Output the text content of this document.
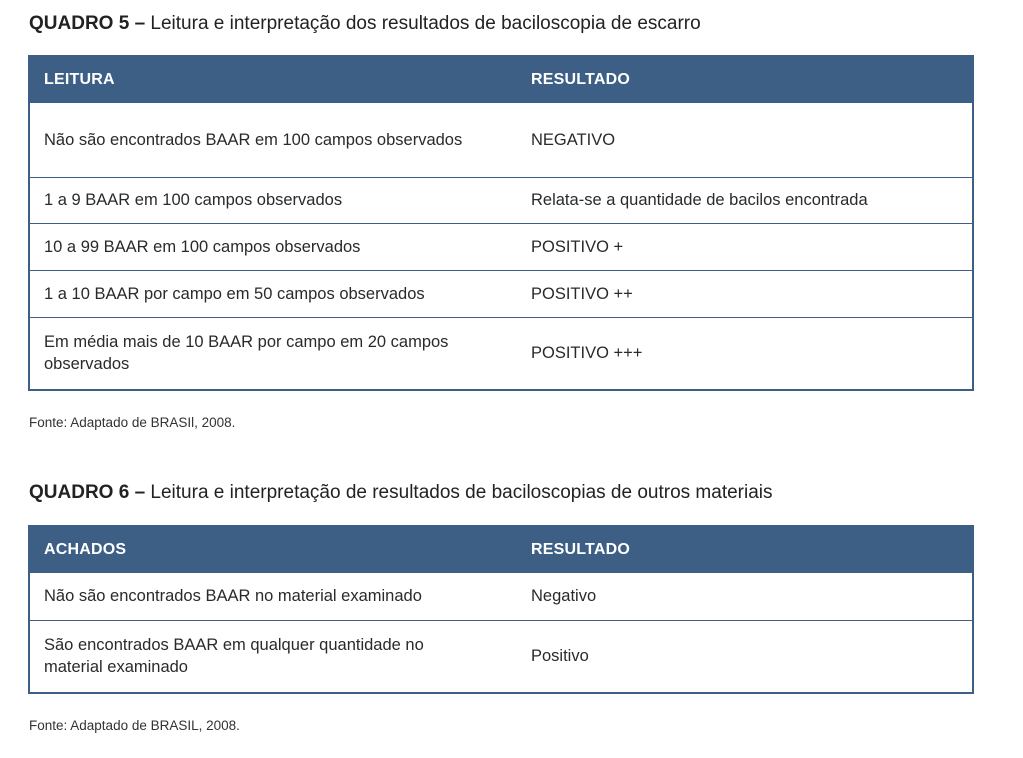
QUADRO 5 – Leitura e interpretação dos resultados de baciloscopia de escarro
LEITURA	RESULTADO
Não são encontrados BAAR em 100 campos observados	NEGATIVO
1 a 9 BAAR em 100 campos observados	Relata-se a quantidade de bacilos encontrada
10 a 99 BAAR em 100 campos observados	POSITIVO +
1 a 10 BAAR por campo em 50 campos observados	POSITIVO ++
Em média mais de 10 BAAR por campo em 20 campos observados	POSITIVO +++
Fonte: Adaptado de BRASIl, 2008.
QUADRO 6 – Leitura e interpretação de resultados de baciloscopias de outros materiais
ACHADOS	RESULTADO
Não são encontrados BAAR no material examinado	Negativo
São encontrados BAAR em qualquer quantidade no material examinado	Positivo
Fonte: Adaptado de BRASIL, 2008.
